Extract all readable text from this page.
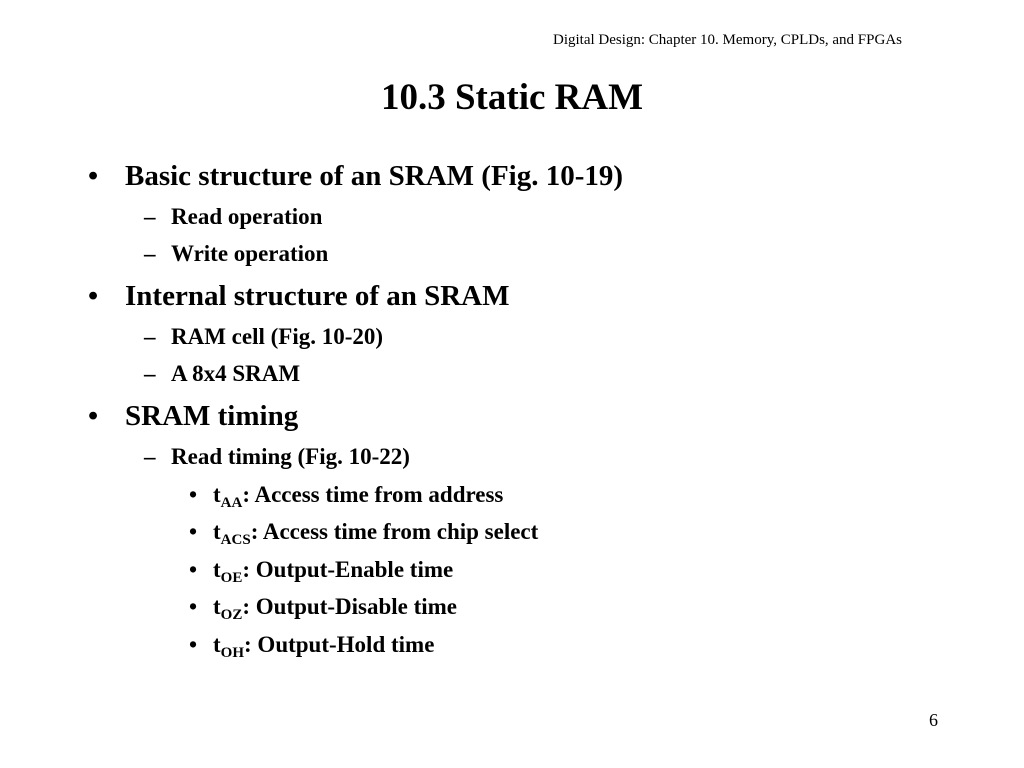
Digital Design: Chapter 10. Memory, CPLDs, and FPGAs
10.3 Static RAM
• Basic structure of an SRAM (Fig. 10-19)
– Read operation
– Write operation
• Internal structure of an SRAM
– RAM cell (Fig. 10-20)
– A 8x4 SRAM
• SRAM timing
– Read timing (Fig. 10-22)
• $t_{AA}$: Access time from address
• $t_{ACS}$: Access time from chip select
• $t_{OE}$: Output-Enable time
• $t_{OZ}$: Output-Disable time
• $t_{OH}$: Output-Hold time
6
